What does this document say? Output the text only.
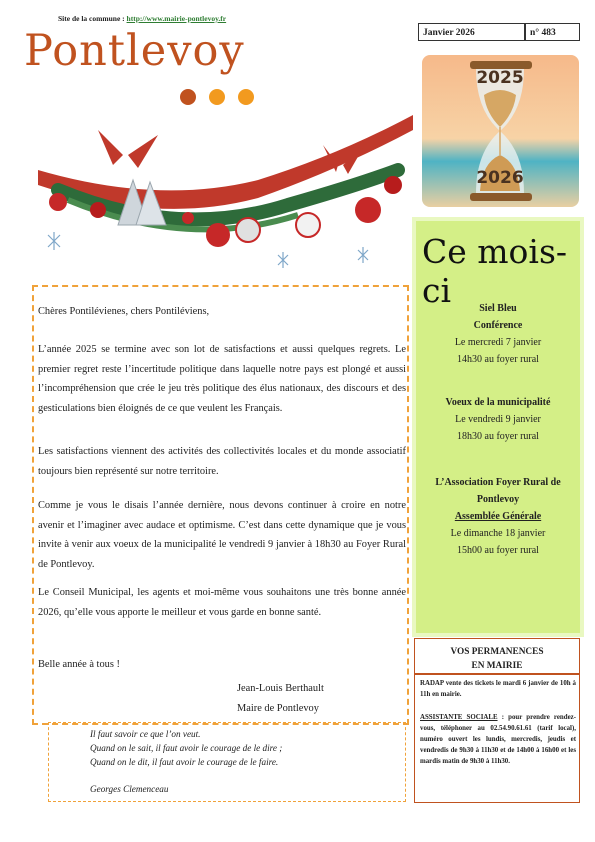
Site de la commune : http://www.mairie-pontlevoy.fr
Pontlevoy	Janvier 2026	n° 483
2025
2026
Chères Pontilévienes, chers Pontiléviens,
L’année 2025 se termine avec son lot de satisfactions et aussi quelques regrets. Le premier regret reste l’incertitude politique dans laquelle notre pays est plongé et aussi l’incompréhension que crée le jeu très politique des élus nationaux, des discours et des gesticulations bien éloignés de ce que veulent les Français.
Les satisfactions viennent des activités des collectivités locales et du monde associatif toujours bien représenté sur notre territoire.
Comme je vous le disais l’année dernière, nous devons continuer à croire en notre avenir et l’imaginer avec audace et optimisme. C’est dans cette dynamique que je vous invite à venir aux voeux de la municipalité le vendredi 9 janvier à 18h30 au Foyer Rural de Pontlevoy.
Le Conseil Municipal, les agents et moi-même vous souhaitons une très bonne année 2026, qu’elle vous apporte le meilleur et vous garde en bonne santé.
Belle année à tous !
Jean-Louis Berthault
Maire de Pontlevoy
Il faut savoir ce que l’on veut.
Quand on le sait, il faut avoir le courage de le dire ;
Quand on le dit, il faut avoir le courage de le faire.
Georges Clemenceau
Ce mois-ci	Siel Bleu
Conférence
Le mercredi 7 janvier
14h30 au foyer rural
Voeux de la municipalité
Le vendredi 9 janvier
18h30 au foyer rural
L’Association Foyer Rural de
Pontlevoy
Assemblée Générale
Le dimanche 18 janvier
15h00 au foyer rural
VOS PERMANENCES
EN MAIRIE
RADAP vente des tickets le mardi 6 janvier de 10h à 11h en mairie.
ASSISTANTE SOCIALE : pour prendre rendez-vous, téléphoner au 02.54.90.61.61 (tarif local), numéro ouvert les lundis, mercredis, jeudis et vendredis de 9h30 à 11h30 et de 14h00 à 16h00 et les mardis matin de 9h30 à 11h30.
